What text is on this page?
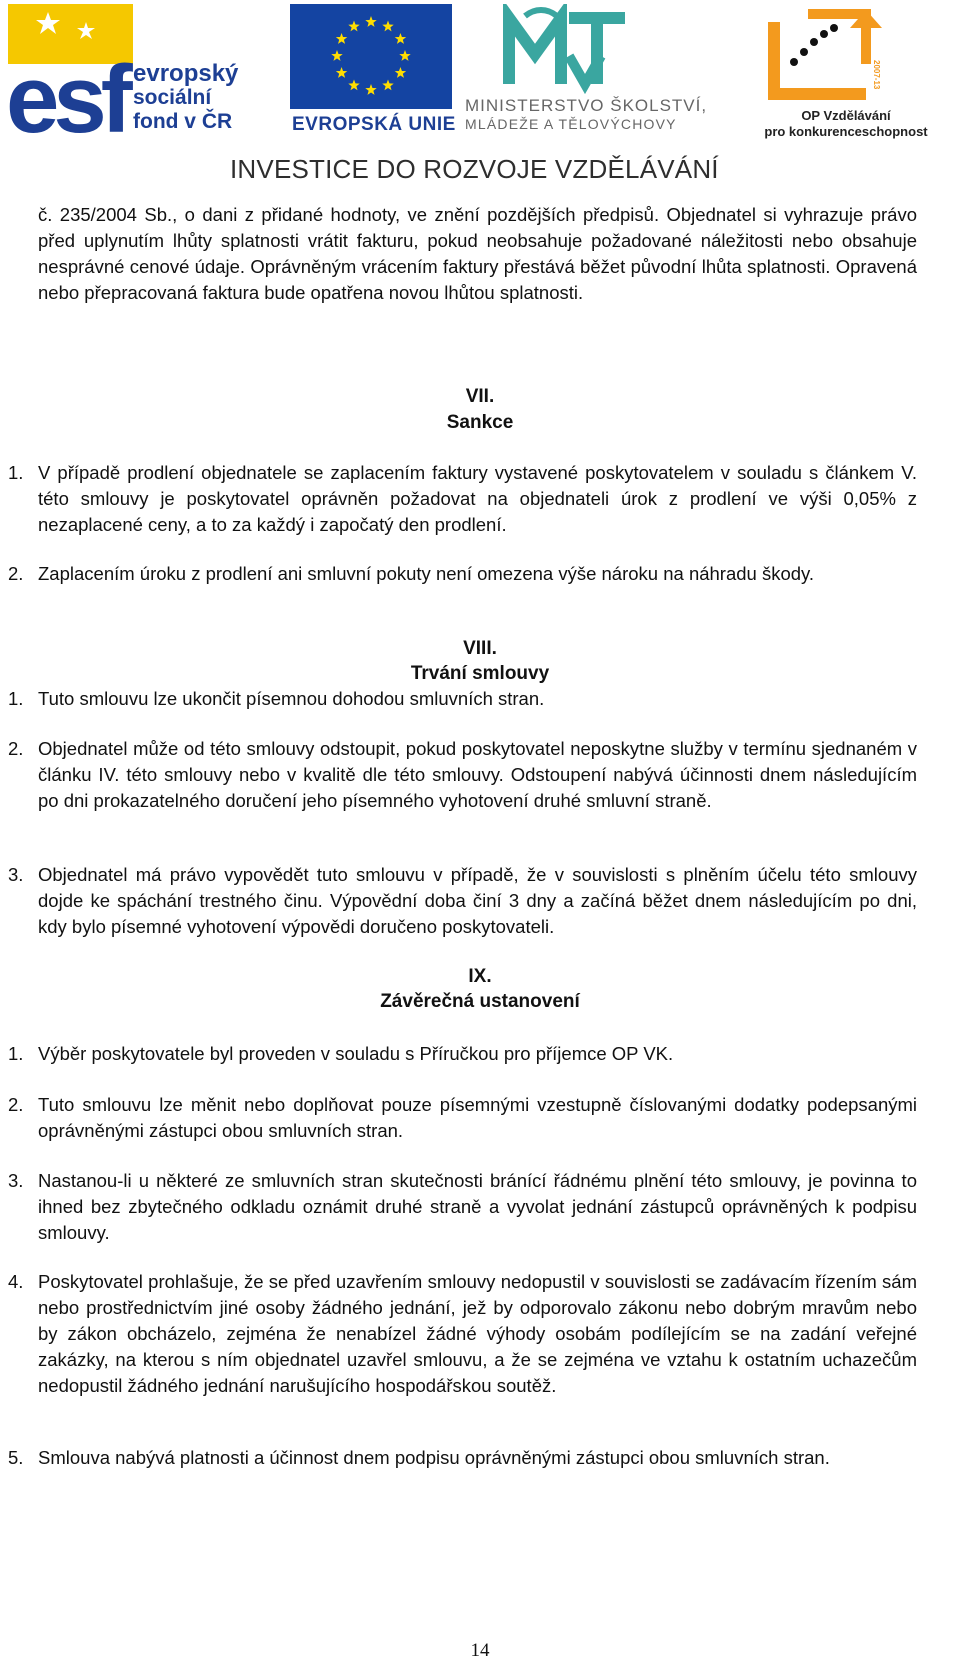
esf evropský
sociální
fond v ČR	EVROPSKÁ UNIE
MINISTERSTVO ŠKOLSTVÍ,
MLÁDEŽE A TĚLOVÝCHOVY
2007-13
OP Vzdělávání
pro konkurenceschopnost
INVESTICE DO ROZVOJE VZDĚLÁVÁNÍ

č. 235/2004 Sb., o dani z přidané hodnoty, ve znění pozdějších předpisů. Objednatel si vyhrazuje právo před uplynutím lhůty splatnosti vrátit fakturu, pokud neobsahuje požadované náležitosti nebo obsahuje nesprávné cenové údaje. Oprávněným vrácením faktury přestává běžet původní lhůta splatnosti. Opravená nebo přepracovaná faktura bude opatřena novou lhůtou splatnosti.

VII.
Sankce
1. V případě prodlení objednatele se zaplacením faktury vystavené poskytovatelem v souladu s článkem V. této smlouvy je poskytovatel oprávněn požadovat na objednateli úrok z prodlení ve výši 0,05% z nezaplacené ceny, a to za každý i započatý den prodlení.
2. Zaplacením úroku z prodlení ani smluvní pokuty není omezena výše nároku na náhradu škody.
VIII.
Trvání smlouvy
1. Tuto smlouvu lze ukončit písemnou dohodou smluvních stran.
2. Objednatel může od této smlouvy odstoupit, pokud poskytovatel neposkytne služby v termínu sjednaném v článku IV. této smlouvy nebo v kvalitě dle této smlouvy. Odstoupení nabývá účinnosti dnem následujícím po dni prokazatelného doručení jeho písemného vyhotovení druhé smluvní straně.
3. Objednatel má právo vypovědět tuto smlouvu v případě, že v souvislosti s plněním účelu této smlouvy dojde ke spáchání trestného činu. Výpovědní doba činí 3 dny a začíná běžet dnem následujícím po dni, kdy bylo písemné vyhotovení výpovědi doručeno poskytovateli.
IX.
Závěrečná ustanovení
1. Výběr poskytovatele byl proveden v souladu s Příručkou pro příjemce OP VK.
2. Tuto smlouvu lze měnit nebo doplňovat pouze písemnými vzestupně číslovanými dodatky podepsanými oprávněnými zástupci obou smluvních stran.
3. Nastanou-li u některé ze smluvních stran skutečnosti bránící řádnému plnění této smlouvy, je povinna to ihned bez zbytečného odkladu oznámit druhé straně a vyvolat jednání zástupců oprávněných k podpisu smlouvy.
4. Poskytovatel prohlašuje, že se před uzavřením smlouvy nedopustil v souvislosti se zadávacím řízením sám nebo prostřednictvím jiné osoby žádného jednání, jež by odporovalo zákonu nebo dobrým mravům nebo by zákon obcházelo, zejména že nenabízel žádné výhody osobám podílejícím se na zadání veřejné zakázky, na kterou s ním objednatel uzavřel smlouvu, a že se zejména ve vztahu k ostatním uchazečům nedopustil žádného jednání narušujícího hospodářskou soutěž.
5. Smlouva nabývá platnosti a účinnost dnem podpisu oprávněnými zástupci obou smluvních stran.
14
